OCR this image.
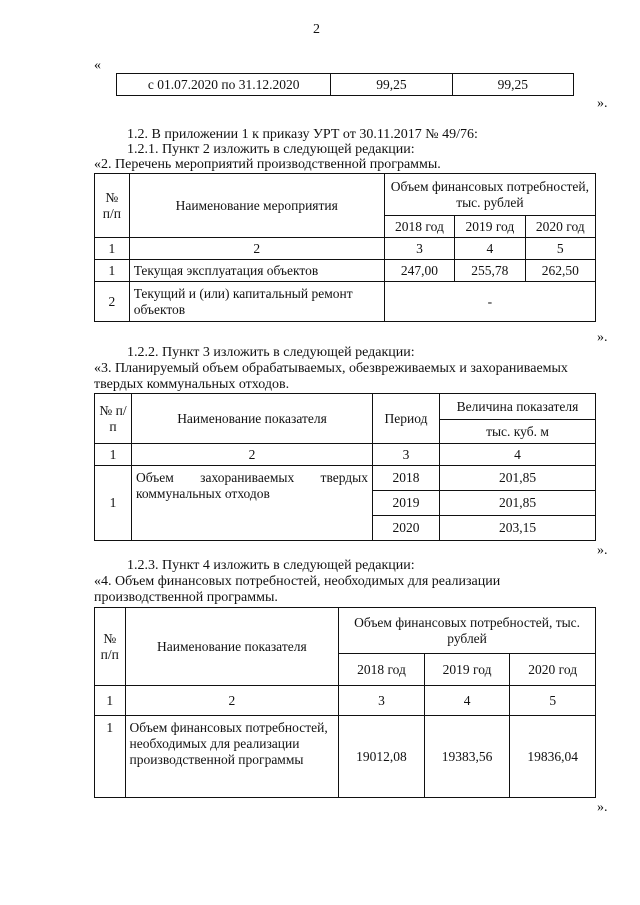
2
«
с 01.07.2020 по 31.12.2020	99,25	99,25
».
1.2. В приложении 1 к приказу УРТ от 30.11.2017 № 49/76:
1.2.1. Пункт 2 изложить в следующей редакции:
«2. Перечень мероприятий производственной программы.
№ п/п	Наименование мероприятия	Объем финансовых потребностей, тыс. рублей		
		2018 год	2019 год	2020 год
1	2	3	4	5
1	Текущая эксплуатация объектов	247,00	255,78	262,50
2	Текущий и (или) капитальный ремонт объектов	-		
».
1.2.2. Пункт 3 изложить в следующей редакции:
«3. Планируемый объем обрабатываемых, обезвреживаемых и захораниваемых
твердых коммунальных отходов.
№ п/п	Наименование показателя	Период	Величина показателя
			тыс. куб. м
1	2	3	4
1	Объем захораниваемых твердых коммунальных отходов	2018	201,85
		2019	201,85
		2020	203,15
».
1.2.3. Пункт 4 изложить в следующей редакции:
«4. Объем финансовых потребностей, необходимых для реализации
производственной программы.
№ п/п	Наименование показателя	Объем финансовых потребностей, тыс. рублей		
		2018 год	2019 год	2020 год
1	2	3	4	5
1	Объем финансовых потребностей, необходимых для реализации производственной программы	19012,08	19383,56	19836,04
».
